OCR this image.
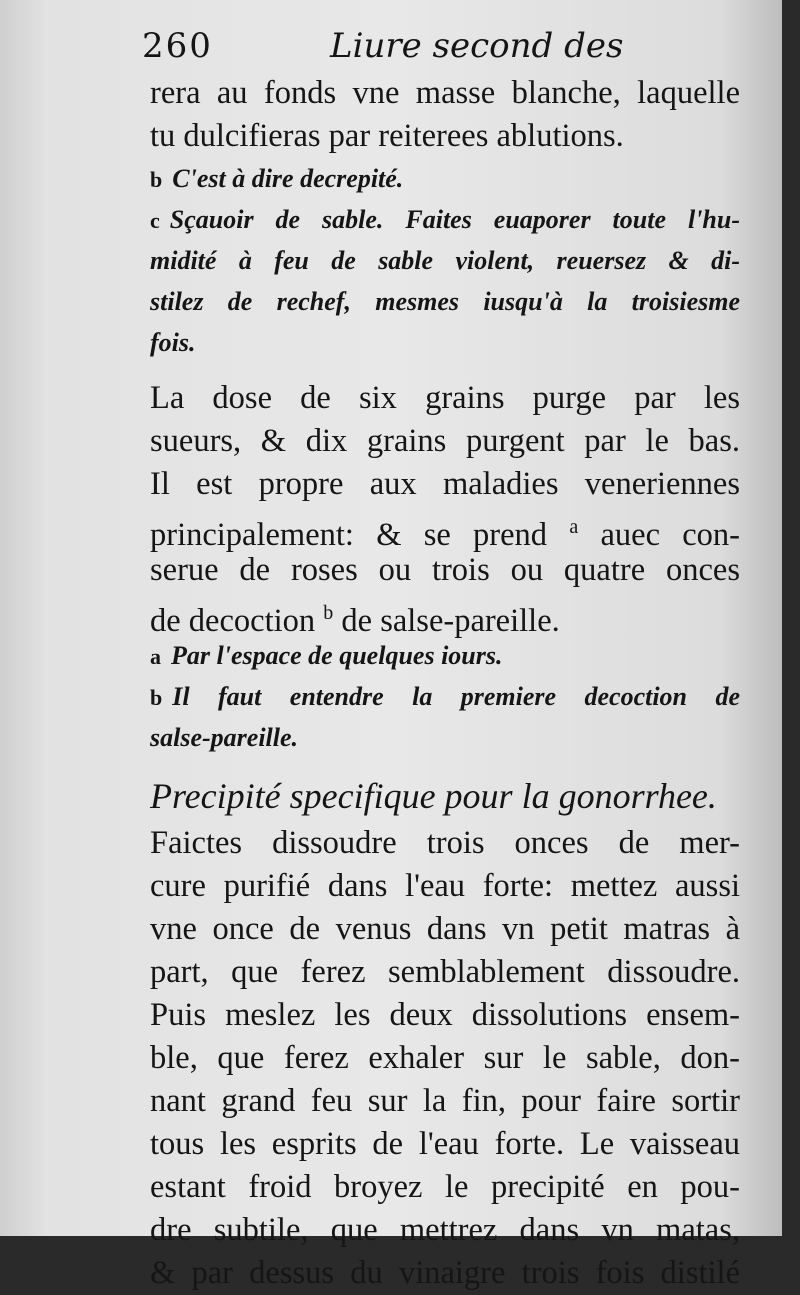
260	Liure second des
rera au fonds vne masse blanche, laquelle
tu dulcifieras par reiterees ablutions.
b C'est à dire decrepité.
c Sçauoir de sable. Faites euaporer toute l'hu-
midité à feu de sable violent, reuersez & di-
stilez de rechef, mesmes iusqu'à la troisiesme
fois.
La dose de six grains purge par les
sueurs, & dix grains purgent par le bas.
Il est propre aux maladies veneriennes
principalement: & se prend $^a$ auec con-
serue de roses ou trois ou quatre onces
de decoction $^b$ de salse-pareille.
a Par l'espace de quelques iours.
b Il faut entendre la premiere decoction de
salse-pareille.
Precipité specifique pour la gonorrhee.
Faictes dissoudre trois onces de mer-
cure purifié dans l'eau forte: mettez aussi
vne once de venus dans vn petit matras à
part, que ferez semblablement dissoudre.
Puis meslez les deux dissolutions ensem-
ble, que ferez exhaler sur le sable, don-
nant grand feu sur la fin, pour faire sortir
tous les esprits de l'eau forte. Le vaisseau
estant froid broyez le precipité en pou-
dre subtile, que mettrez dans vn matas,
& par dessus du vinaigre trois fois distilé
